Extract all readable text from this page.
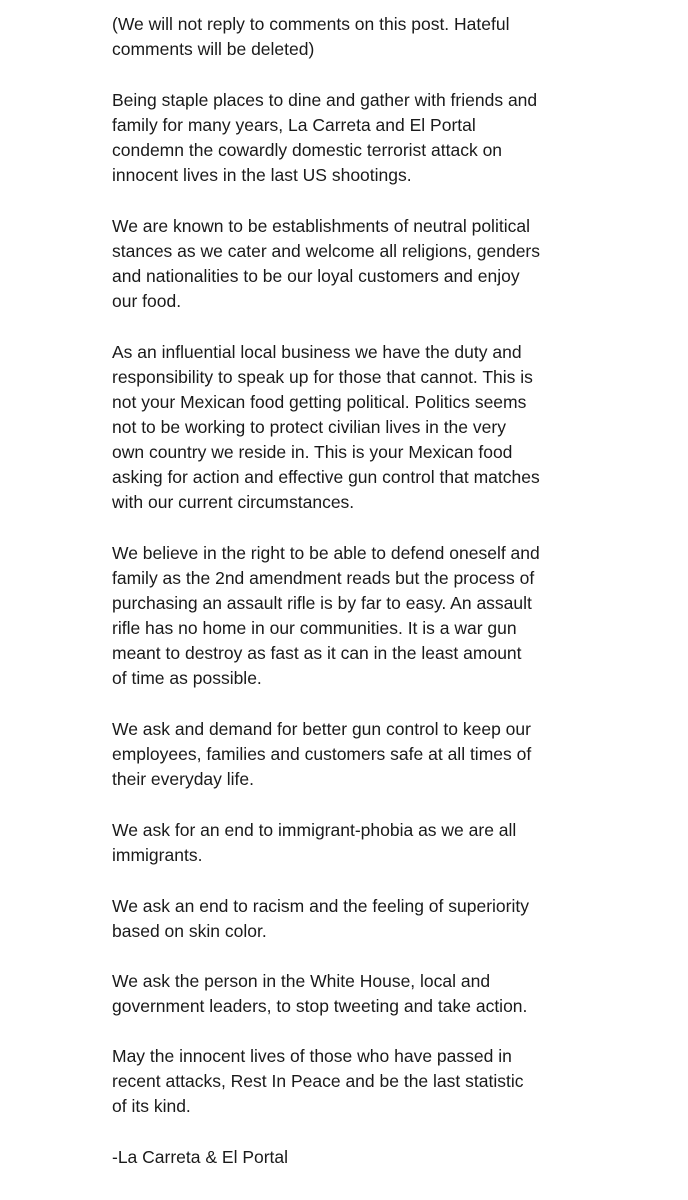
(We will not reply to comments on this post. Hateful
comments will be deleted)

Being staple places to dine and gather with friends and
family for many years, La Carreta and El Portal
condemn the cowardly domestic terrorist attack on
innocent lives in the last US shootings.

We are known to be establishments of neutral political
stances as we cater and welcome all religions, genders
and nationalities to be our loyal customers and enjoy
our food.

As an influential local business we have the duty and
responsibility to speak up for those that cannot. This is
not your Mexican food getting political. Politics seems
not to be working to protect civilian lives in the very
own country we reside in. This is your Mexican food
asking for action and effective gun control that matches
with our current circumstances.

We believe in the right to be able to defend oneself and
family as the 2nd amendment reads but the process of
purchasing an assault rifle is by far to easy. An assault
rifle has no home in our communities. It is a war gun
meant to destroy as fast as it can in the least amount
of time as possible.

We ask and demand for better gun control to keep our
employees, families and customers safe at all times of
their everyday life.

We ask for an end to immigrant-phobia as we are all
immigrants.

We ask an end to racism and the feeling of superiority
based on skin color.

We ask the person in the White House, local and
government leaders, to stop tweeting and take action.

May the innocent lives of those who have passed in
recent attacks, Rest In Peace and be the last statistic
of its kind.

-La Carreta & El Portal
